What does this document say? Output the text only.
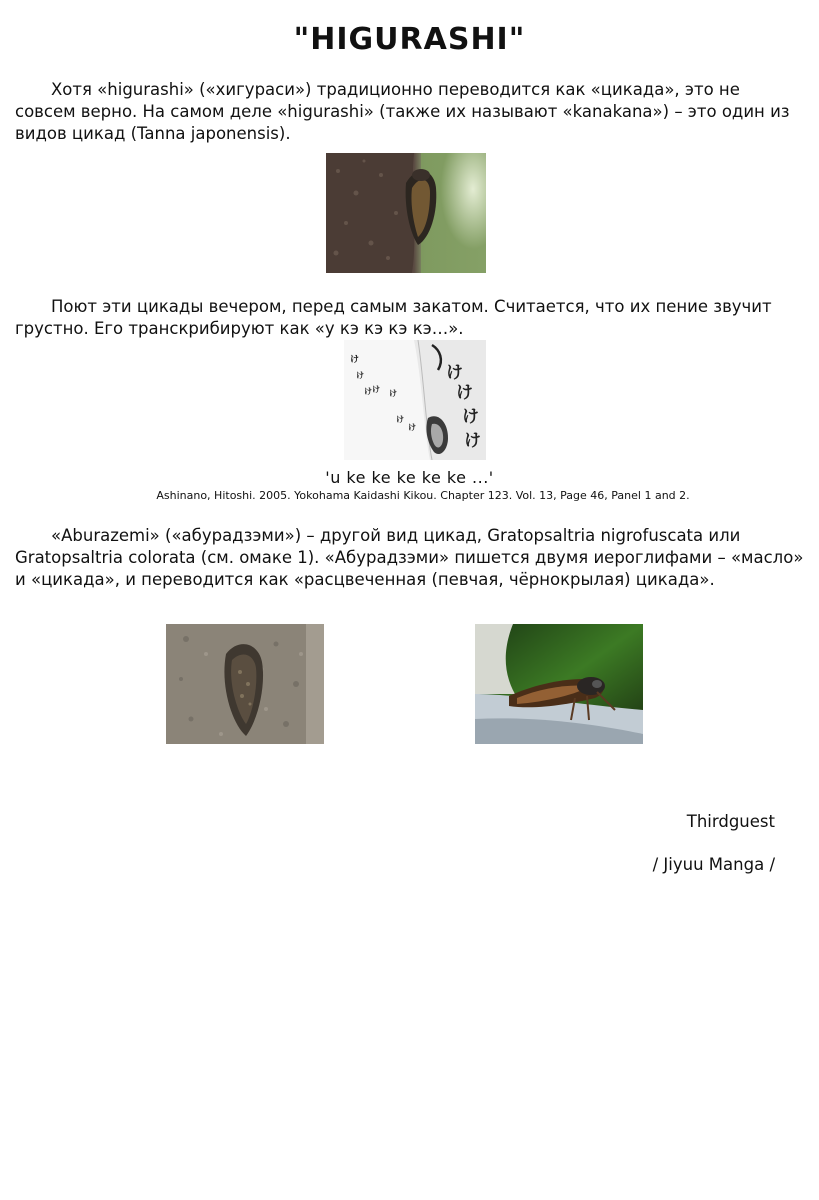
"HIGURASHI"

Хотя «higurashi» («хигураси») традиционно переводится как «цикада», это не совсем верно. На самом деле «higurashi» (также их называют «kanakana») – это один из видов цикад (Tanna japonensis).

Поют эти цикады вечером, перед самым закатом. Считается, что их пение звучит грустно. Его транскрибируют как «у кэ кэ кэ кэ…».

け
け
け け け
け
け
け
け
け
け
'u ke ke ke ke ke ...'
Ashinano, Hitoshi. 2005. Yokohama Kaidashi Kikou. Chapter 123. Vol. 13, Page 46, Panel 1 and 2.

«Aburazemi» («абурадзэми») – другой вид цикад, Gratopsaltria nigrofuscata или Gratopsaltria colorata (см. омаке 1). «Абурадзэми» пишется двумя иероглифами – «масло» и «цикада», и переводится как «расцвеченная (певчая, чёрнокрылая) цикада».

Thirdguest
/ Jiyuu Manga /
